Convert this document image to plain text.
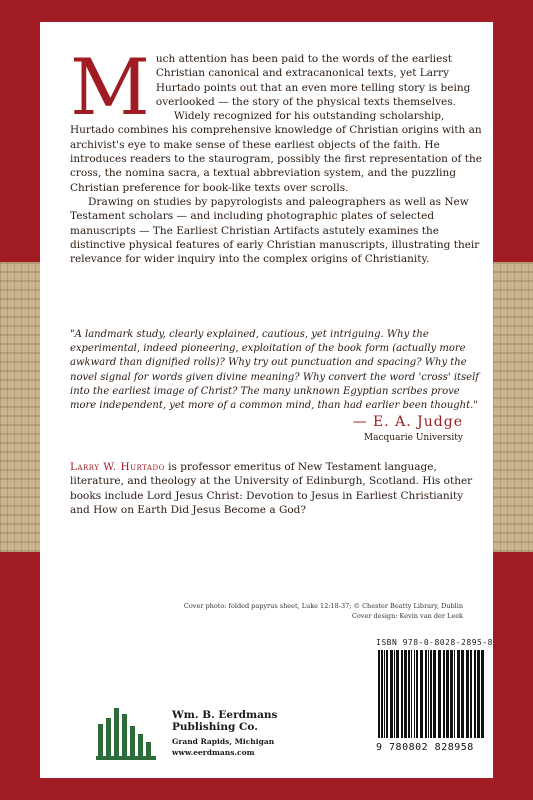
M uch attention has been paid to the words of the earliest Christian canonical and extracanonical texts, yet Larry Hurtado points out that an even more telling story is being overlooked — the story of the physical texts themselves.

Widely recognized for his outstanding scholarship, Hurtado combines his comprehensive knowledge of Christian origins with an archivist's eye to make sense of these earliest objects of the faith. He introduces readers to the staurogram, possibly the first representation of the cross, the nomina sacra, a textual abbreviation system, and the puzzling Christian preference for book-like texts over scrolls.

Drawing on studies by papyrologists and paleographers as well as New Testament scholars — and including photographic plates of selected manuscripts — The Earliest Christian Artifacts astutely examines the distinctive physical features of early Christian manuscripts, illustrating their relevance for wider inquiry into the complex origins of Christianity.

"A landmark study, clearly explained, cautious, yet intriguing. Why the experimental, indeed pioneering, exploitation of the book form (actually more awkward than dignified rolls)? Why try out punctuation and spacing? Why the novel signal for words given divine meaning? Why convert the word 'cross' itself into the earliest image of Christ? The many unknown Egyptian scribes prove more independent, yet more of a common mind, than had earlier been thought."
— E. A. Judge
Macquarie University
Larry W. Hurtado is professor emeritus of New Testament language, literature, and theology at the University of Edinburgh, Scotland. His other books include Lord Jesus Christ: Devotion to Jesus in Earliest Christianity and How on Earth Did Jesus Become a God?
Cover photo: folded papyrus sheet, Luke 12:18-37; © Chester Beatty Library, Dublin
Cover design: Kevin van der Leek
ISBN 978-0-8028-2895-8
9 780802 828958
Wm. B. Eerdmans
Publishing Co.
Grand Rapids, Michigan
www.eerdmans.com
